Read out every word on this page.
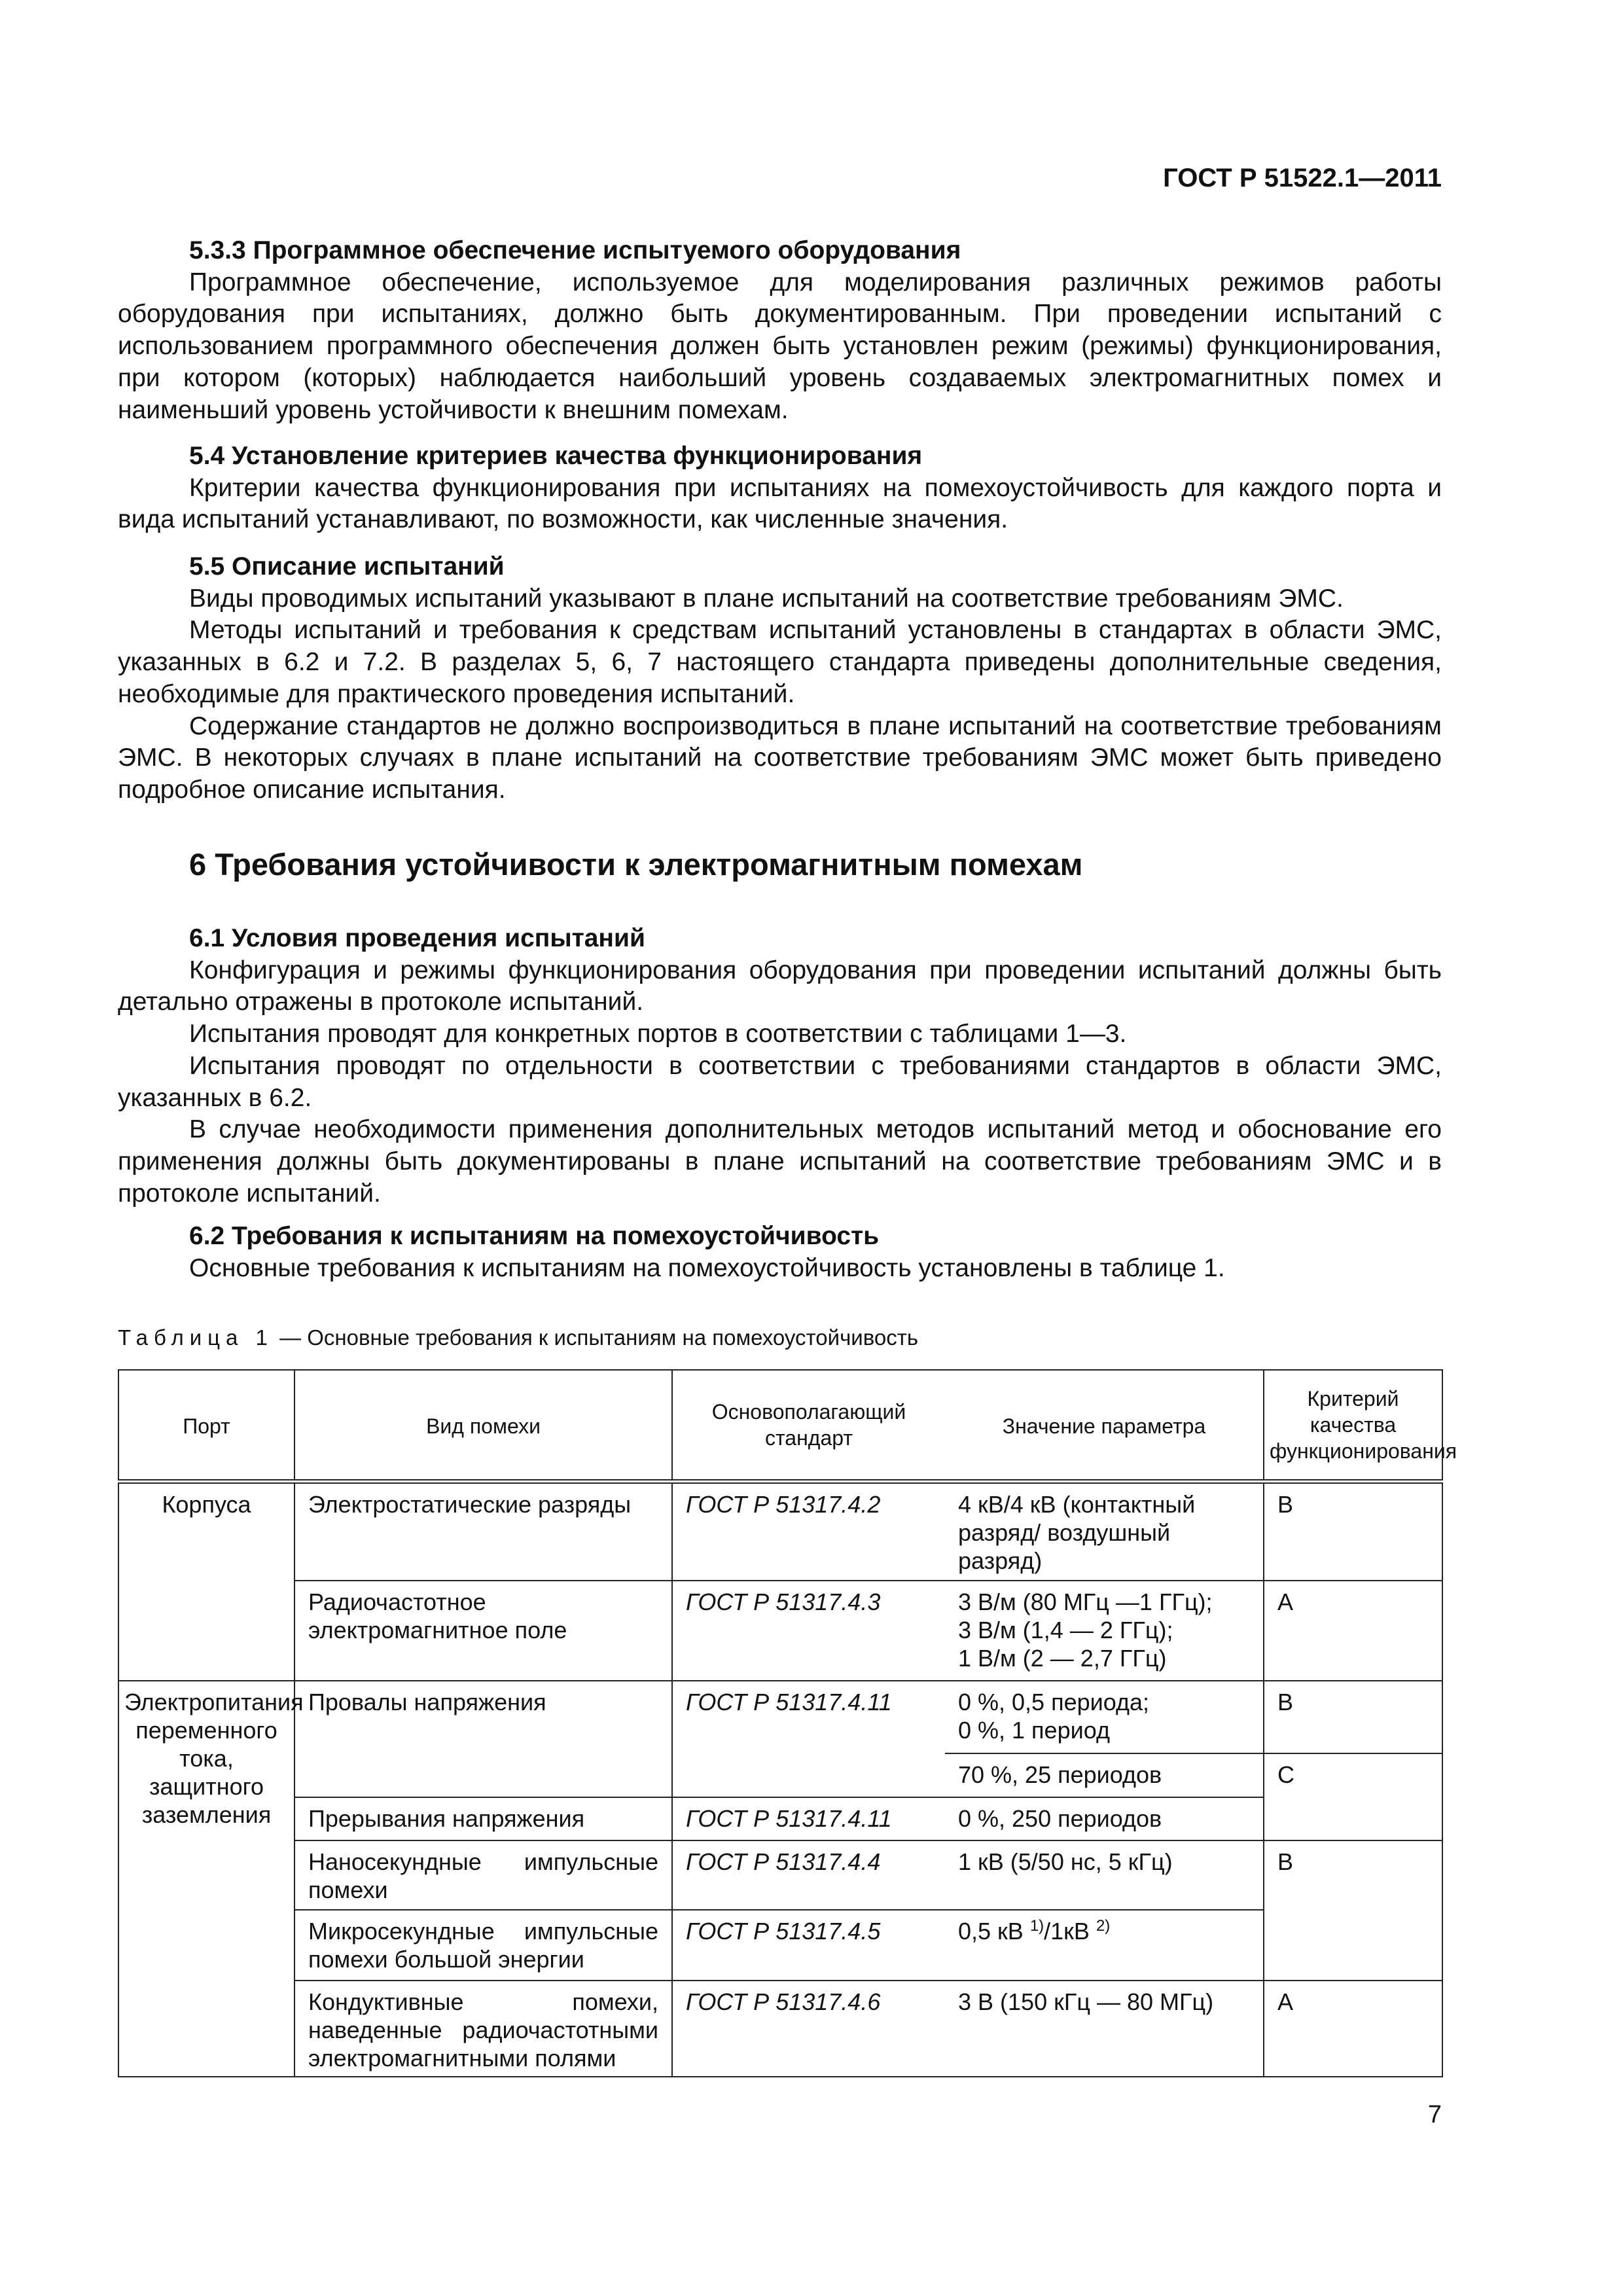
ГОСТ Р 51522.1—2011
5.3.3 Программное обеспечение испытуемого оборудования

Программное обеспечение, используемое для моделирования различных режимов работы оборудования при испытаниях, должно быть документированным. При проведении испытаний с использованием программного обеспечения должен быть установлен режим (режимы) функционирования, при котором (которых) наблюдается наибольший уровень создаваемых электромагнитных помех и наименьший уровень устойчивости к внешним помехам.

5.4 Установление критериев качества функционирования

Критерии качества функционирования при испытаниях на помехоустойчивость для каждого порта и вида испытаний устанавливают, по возможности, как численные значения.

5.5 Описание испытаний

Виды проводимых испытаний указывают в плане испытаний на соответствие требованиям ЭМС.

Методы испытаний и требования к средствам испытаний установлены в стандартах в области ЭМС, указанных в 6.2 и 7.2. В разделах 5, 6, 7 настоящего стандарта приведены дополнительные сведения, необходимые для практического проведения испытаний.

Содержание стандартов не должно воспроизводиться в плане испытаний на соответствие требованиям ЭМС. В некоторых случаях в плане испытаний на соответствие требованиям ЭМС может быть приведено подробное описание испытания.

6 Требования устойчивости к электромагнитным помехам
6.1 Условия проведения испытаний

Конфигурация и режимы функционирования оборудования при проведении испытаний должны быть детально отражены в протоколе испытаний.

Испытания проводят для конкретных портов в соответствии с таблицами 1—3.

Испытания проводят по отдельности в соответствии с требованиями стандартов в области ЭМС, указанных в 6.2.

В случае необходимости применения дополнительных методов испытаний метод и обоснование его применения должны быть документированы в плане испытаний на соответствие требованиям ЭМС и в протоколе испытаний.

6.2 Требования к испытаниям на помехоустойчивость

Основные требования к испытаниям на помехоустойчивость установлены в таблице 1.

Таблица 1 — Основные требования к испытаниям на помехоустойчивость
Порт	Вид помехи	Основополагающий стандарт	Значение параметра	Критерий качества функционирования
Корпуса	Электростатические разряды	ГОСТ Р 51317.4.2	4 кВ/4 кВ (контактный разряд/ воздушный разряд)	B
	Радиочастотное электромагнитное поле	ГОСТ Р 51317.4.3	3 В/м (80 МГц —1 ГГц);
3 В/м (1,4 — 2 ГГц);
1 В/м (2 — 2,7 ГГц)	A
Электропитания переменного тока, защитного заземления	Провалы напряжения	ГОСТ Р 51317.4.11	0 %, 0,5 периода;
0 %, 1 период	B
			70 %, 25 периодов	C
	Прерывания напряжения	ГОСТ Р 51317.4.11	0 %, 250 периодов	
	Наносекундные импульсные помехи	ГОСТ Р 51317.4.4	1 кВ (5/50 нс, 5 кГц)	B
	Микросекундные импульсные помехи большой энергии	ГОСТ Р 51317.4.5	0,5 кВ $^{1)}$/1кВ $^{2)}$
	Кондуктивные помехи, наведенные радиочастотными электромагнитными полями	ГОСТ Р 51317.4.6	3 В (150 кГц — 80 МГц)	A
7
